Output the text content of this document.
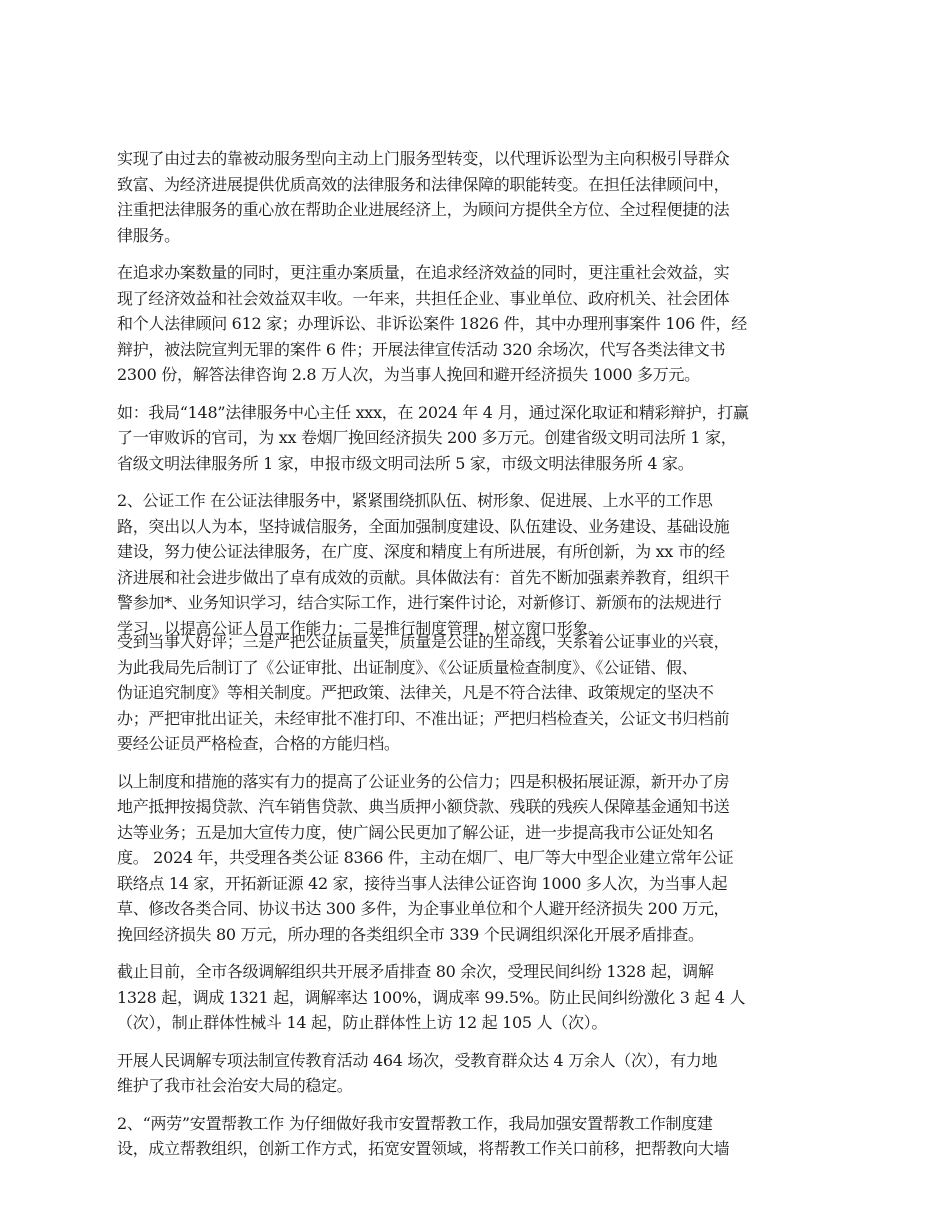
实现了由过去的靠被动服务型向主动上门服务型转变，以代理诉讼型为主向积极引导群众
致富、为经济进展提供优质高效的法律服务和法律保障的职能转变。在担任法律顾问中，
注重把法律服务的重心放在帮助企业进展经济上，为顾问方提供全方位、全过程便捷的法
律服务。

在追求办案数量的同时，更注重办案质量，在追求经济效益的同时，更注重社会效益，实
现了经济效益和社会效益双丰收。一年来，共担任企业、事业单位、政府机关、社会团体
和个人法律顾问 612 家；办理诉讼、非诉讼案件 1826 件，其中办理刑事案件 106 件，经
辩护，被法院宣判无罪的案件 6 件；开展法律宣传活动 320 余场次，代写各类法律文书
2300 份，解答法律咨询 2.8 万人次，为当事人挽回和避开经济损失 1000 多万元。

如：我局“148”法律服务中心主任 xxx，在 2024 年 4 月，通过深化取证和精彩辩护，打赢
了一审败诉的官司，为 xx 卷烟厂挽回经济损失 200 多万元。创建省级文明司法所 1 家，
省级文明法律服务所 1 家，申报市级文明司法所 5 家，市级文明法律服务所 4 家。

2、公证工作 在公证法律服务中，紧紧围绕抓队伍、树形象、促进展、上水平的工作思
路，突出以人为本，坚持诚信服务，全面加强制度建设、队伍建设、业务建设、基础设施
建设，努力使公证法律服务，在广度、深度和精度上有所进展，有所创新，为 xx 市的经
济进展和社会进步做出了卓有成效的贡献。具体做法有：首先不断加强素养教育，组织干
警参加*、业务知识学习，结合实际工作，进行案件讨论，对新修订、新颁布的法规进行
学习，以提高公证人员工作能力；二是推行制度管理，树立窗口形象。

受到当事人好评；三是严把公证质量关，质量是公证的生命线，关系着公证事业的兴衰，
为此我局先后制订了《公证审批、出证制度》、《公证质量检查制度》、《公证错、假、
伪证追究制度》等相关制度。严把政策、法律关，凡是不符合法律、政策规定的坚决不
办；严把审批出证关，未经审批不准打印、不准出证；严把归档检查关，公证文书归档前
要经公证员严格检查，合格的方能归档。

以上制度和措施的落实有力的提高了公证业务的公信力；四是积极拓展证源，新开办了房
地产抵押按揭贷款、汽车销售贷款、典当质押小额贷款、残联的残疾人保障基金通知书送
达等业务；五是加大宣传力度，使广阔公民更加了解公证，进一步提高我市公证处知名
度。 2024 年，共受理各类公证 8366 件，主动在烟厂、电厂等大中型企业建立常年公证
联络点 14 家，开拓新证源 42 家，接待当事人法律公证咨询 1000 多人次，为当事人起
草、修改各类合同、协议书达 300 多件，为企事业单位和个人避开经济损失 200 万元，
挽回经济损失 80 万元，所办理的各类组织全市 339 个民调组织深化开展矛盾排查。

截止目前，全市各级调解组织共开展矛盾排查 80 余次，受理民间纠纷 1328 起，调解
1328 起，调成 1321 起，调解率达 100%，调成率 99.5%。防止民间纠纷激化 3 起 4 人
（次），制止群体性械斗 14 起，防止群体性上访 12 起 105 人（次）。

开展人民调解专项法制宣传教育活动 464 场次，受教育群众达 4 万余人（次），有力地
维护了我市社会治安大局的稳定。

2、“两劳”安置帮教工作 为仔细做好我市安置帮教工作，我局加强安置帮教工作制度建
设，成立帮教组织，创新工作方式，拓宽安置领域，将帮教工作关口前移，把帮教向大墙
